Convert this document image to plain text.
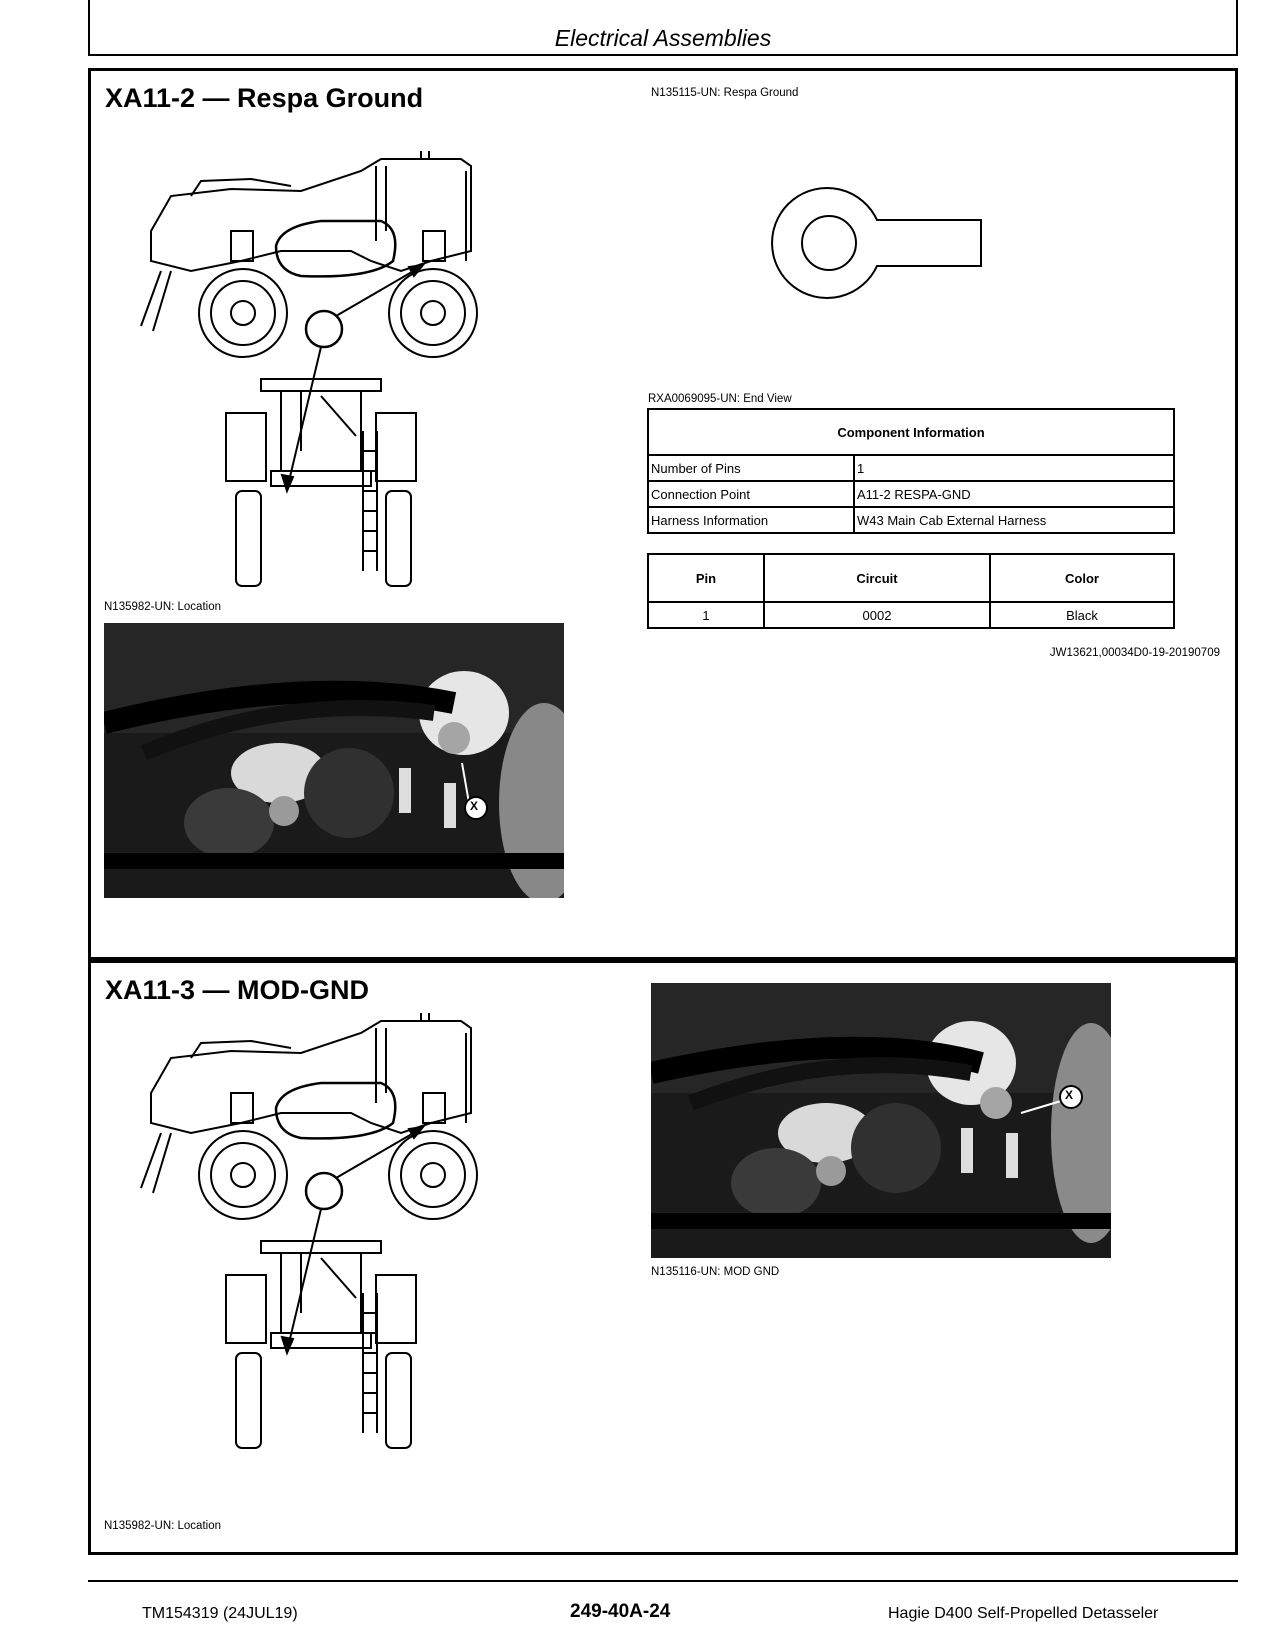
Electrical Assemblies
XA11-2 — Respa Ground
N135982-UN: Location
X
N135115-UN: Respa Ground
RXA0069095-UN: End View
Component Information	
Number of Pins	1
Connection Point	A11-2 RESPA-GND
Harness Information	W43 Main Cab External Harness
Pin	Circuit	Color
1	0002	Black
JW13621,00034D0-19-20190709
XA11-3 — MOD-GND
N135982-UN: Location
X
N135116-UN: MOD GND
TM154319 (24JUL19)	249-40A-24	Hagie D400 Self-Propelled Detasseler
